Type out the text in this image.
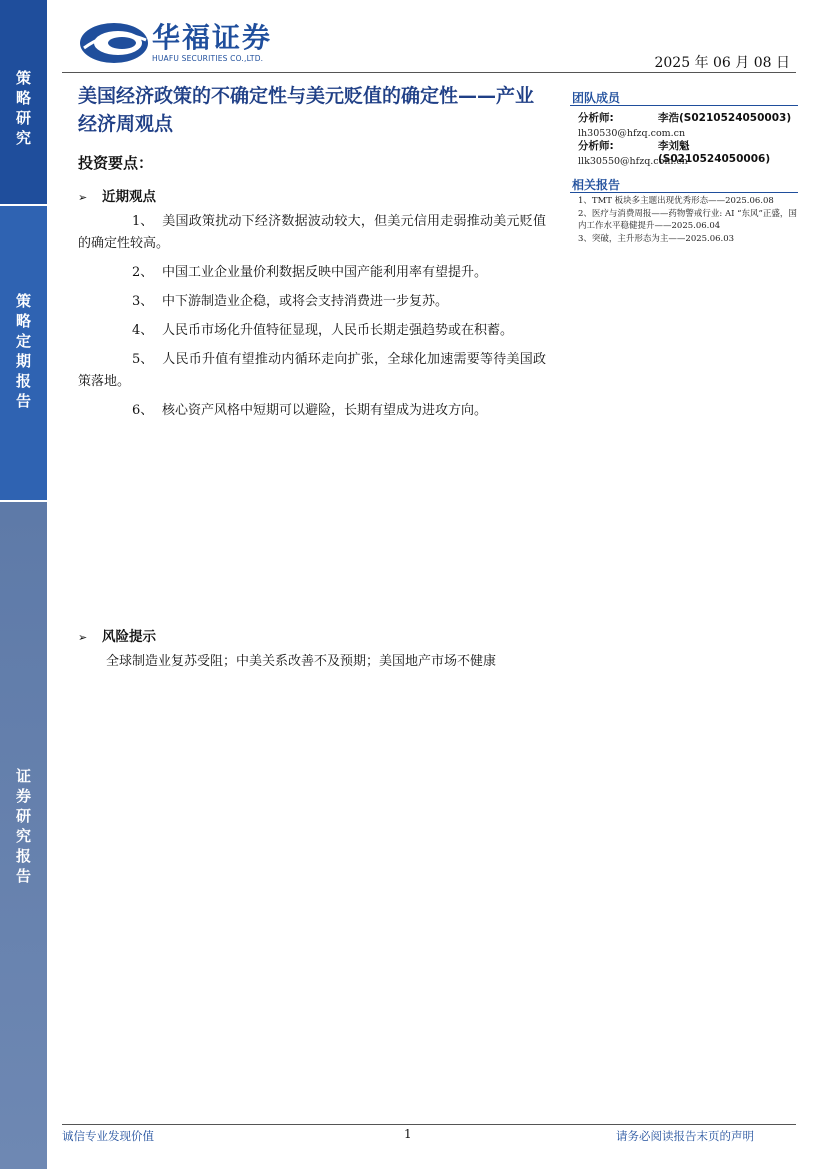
策
略
研
究
策
略
定
期
报
告
证
券
研
究
报
告
华福证券
HUAFU SECURITIES CO.,LTD.	2025 年 06 月 08 日
美国经济政策的不确定性与美元贬值的确定性——产业经济周观点
投资要点：
➢ 近期观点
1、 美国政策扰动下经济数据波动较大，但美元信用走弱推动美元贬值的确定性较高。
2、 中国工业企业量价利数据反映中国产能利用率有望提升。
3、 中下游制造业企稳，或将会支持消费进一步复苏。
4、 人民币市场化升值特征显现，人民币长期走强趋势或在积蓄。
5、 人民币升值有望推动内循环走向扩张，全球化加速需要等待美国政策落地。
6、 核心资产风格中短期可以避险，长期有望成为进攻方向。
➢ 风险提示
全球制造业复苏受阻；中美关系改善不及预期；美国地产市场不健康
团队成员
分析师:	李浩(S0210524050003)
lh30530@hfzq.com.cn
分析师:	李刘魁(S0210524050006)
llk30550@hfzq.com.cn
相关报告
1、TMT 板块多主题出现优秀形态——2025.06.08
2、医疗与消费周报——药物警戒行业: AI “东风”正盛，国内工作水平稳健提升——2025.06.04
3、突破，主升形态为主——2025.06.03
诚信专业发现价值	1	请务必阅读报告末页的声明
